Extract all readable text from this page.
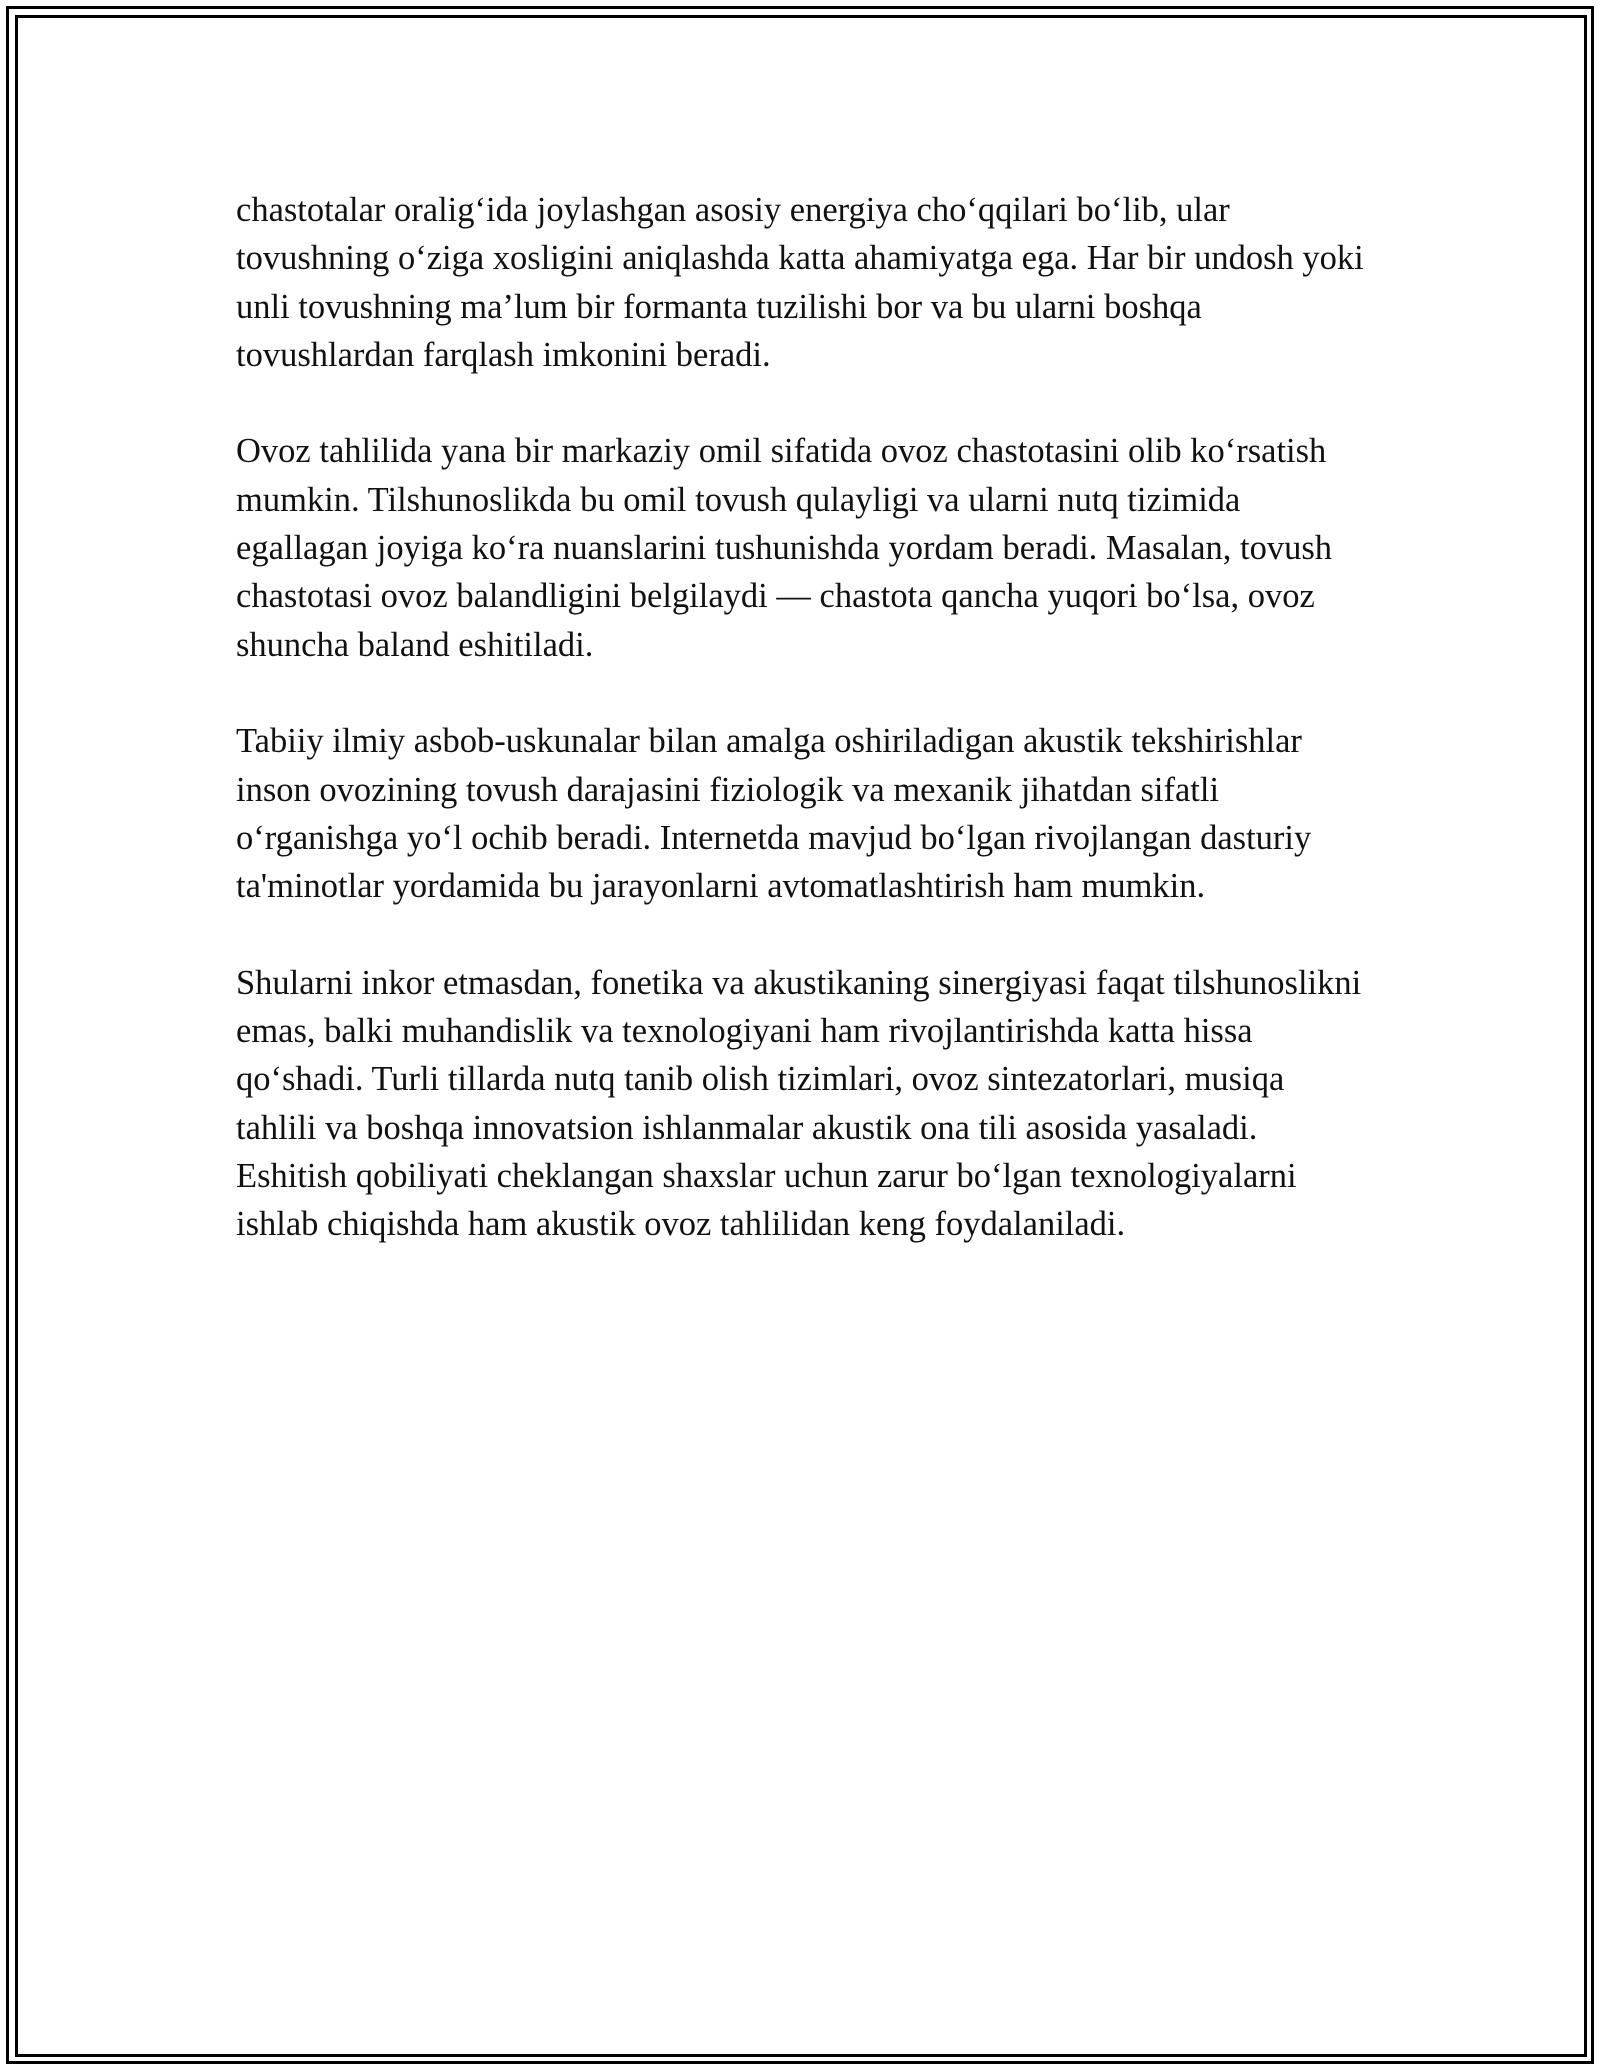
chastotalar oralig‘ida joylashgan asosiy energiya cho‘qqilari bo‘lib, ular tovushning o‘ziga xosligini aniqlashda katta ahamiyatga ega. Har bir undosh yoki unli tovushning ma’lum bir formanta tuzilishi bor va bu ularni boshqa tovushlardan farqlash imkonini beradi.

Ovoz tahlilida yana bir markaziy omil sifatida ovoz chastotasini olib ko‘rsatish mumkin. Tilshunoslikda bu omil tovush qulayligi va ularni nutq tizimida egallagan joyiga ko‘ra nuanslarini tushunishda yordam beradi. Masalan, tovush chastotasi ovoz balandligini belgilaydi — chastota qancha yuqori bo‘lsa, ovoz shuncha baland eshitiladi.

Tabiiy ilmiy asbob-uskunalar bilan amalga oshiriladigan akustik tekshirishlar inson ovozining tovush darajasini fiziologik va mexanik jihatdan sifatli o‘rganishga yo‘l ochib beradi. Internetda mavjud bo‘lgan rivojlangan dasturiy ta'minotlar yordamida bu jarayonlarni avtomatlashtirish ham mumkin.

Shularni inkor etmasdan, fonetika va akustikaning sinergiyasi faqat tilshunoslikni emas, balki muhandislik va texnologiyani ham rivojlantirishda katta hissa qo‘shadi. Turli tillarda nutq tanib olish tizimlari, ovoz sintezatorlari, musiqa tahlili va boshqa innovatsion ishlanmalar akustik ona tili asosida yasaladi. Eshitish qobiliyati cheklangan shaxslar uchun zarur bo‘lgan texnologiyalarni ishlab chiqishda ham akustik ovoz tahlilidan keng foydalaniladi.
